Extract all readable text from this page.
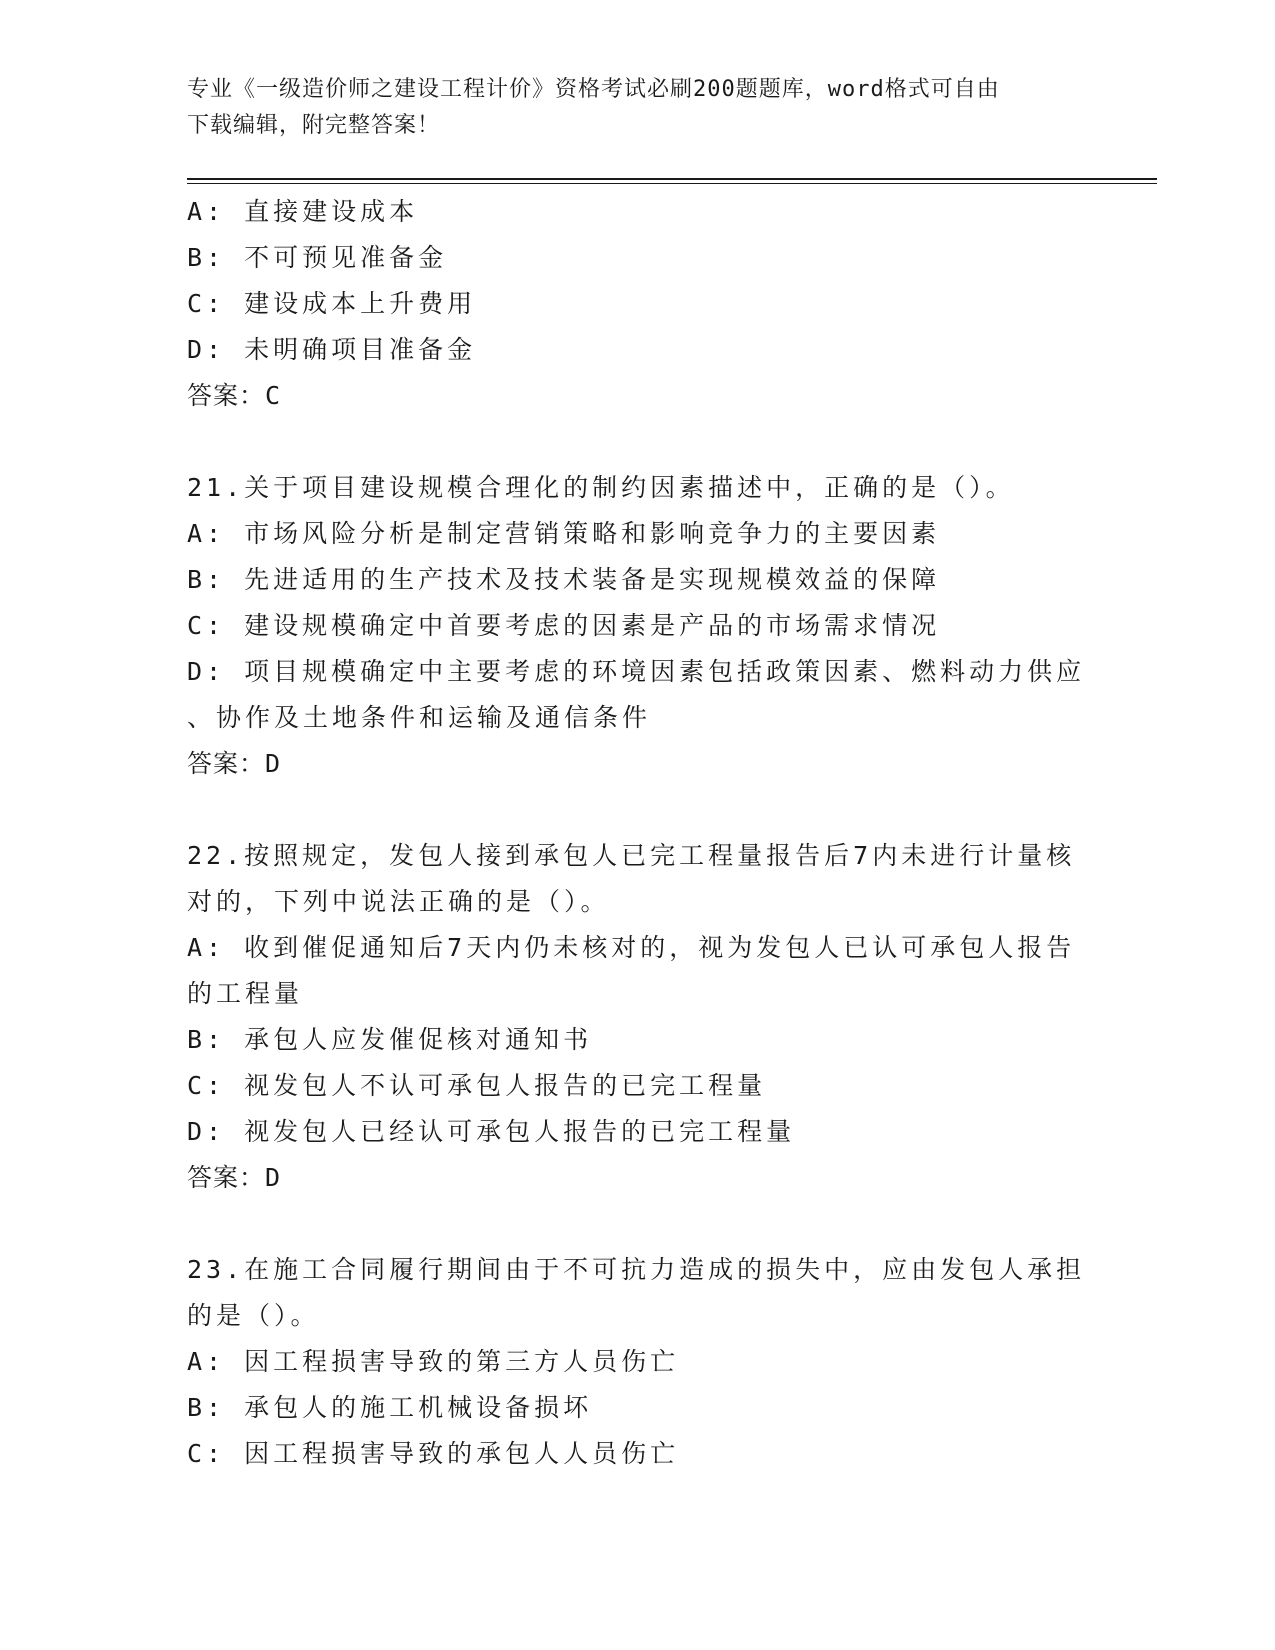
专业《一级造价师之建设工程计价》资格考试必刷200题题库，word格式可自由
下载编辑，附完整答案！
A: 直接建设成本
B: 不可预见准备金
C: 建设成本上升费用
D: 未明确项目准备金
答案：C
21.关于项目建设规模合理化的制约因素描述中，正确的是（）。
A: 市场风险分析是制定营销策略和影响竞争力的主要因素
B: 先进适用的生产技术及技术装备是实现规模效益的保障
C: 建设规模确定中首要考虑的因素是产品的市场需求情况
D: 项目规模确定中主要考虑的环境因素包括政策因素、燃料动力供应
、协作及土地条件和运输及通信条件
答案：D
22.按照规定，发包人接到承包人已完工程量报告后7内未进行计量核
对的，下列中说法正确的是（）。
A: 收到催促通知后7天内仍未核对的，视为发包人已认可承包人报告
的工程量
B: 承包人应发催促核对通知书
C: 视发包人不认可承包人报告的已完工程量
D: 视发包人已经认可承包人报告的已完工程量
答案：D
23.在施工合同履行期间由于不可抗力造成的损失中，应由发包人承担
的是（）。
A: 因工程损害导致的第三方人员伤亡
B: 承包人的施工机械设备损坏
C: 因工程损害导致的承包人人员伤亡
